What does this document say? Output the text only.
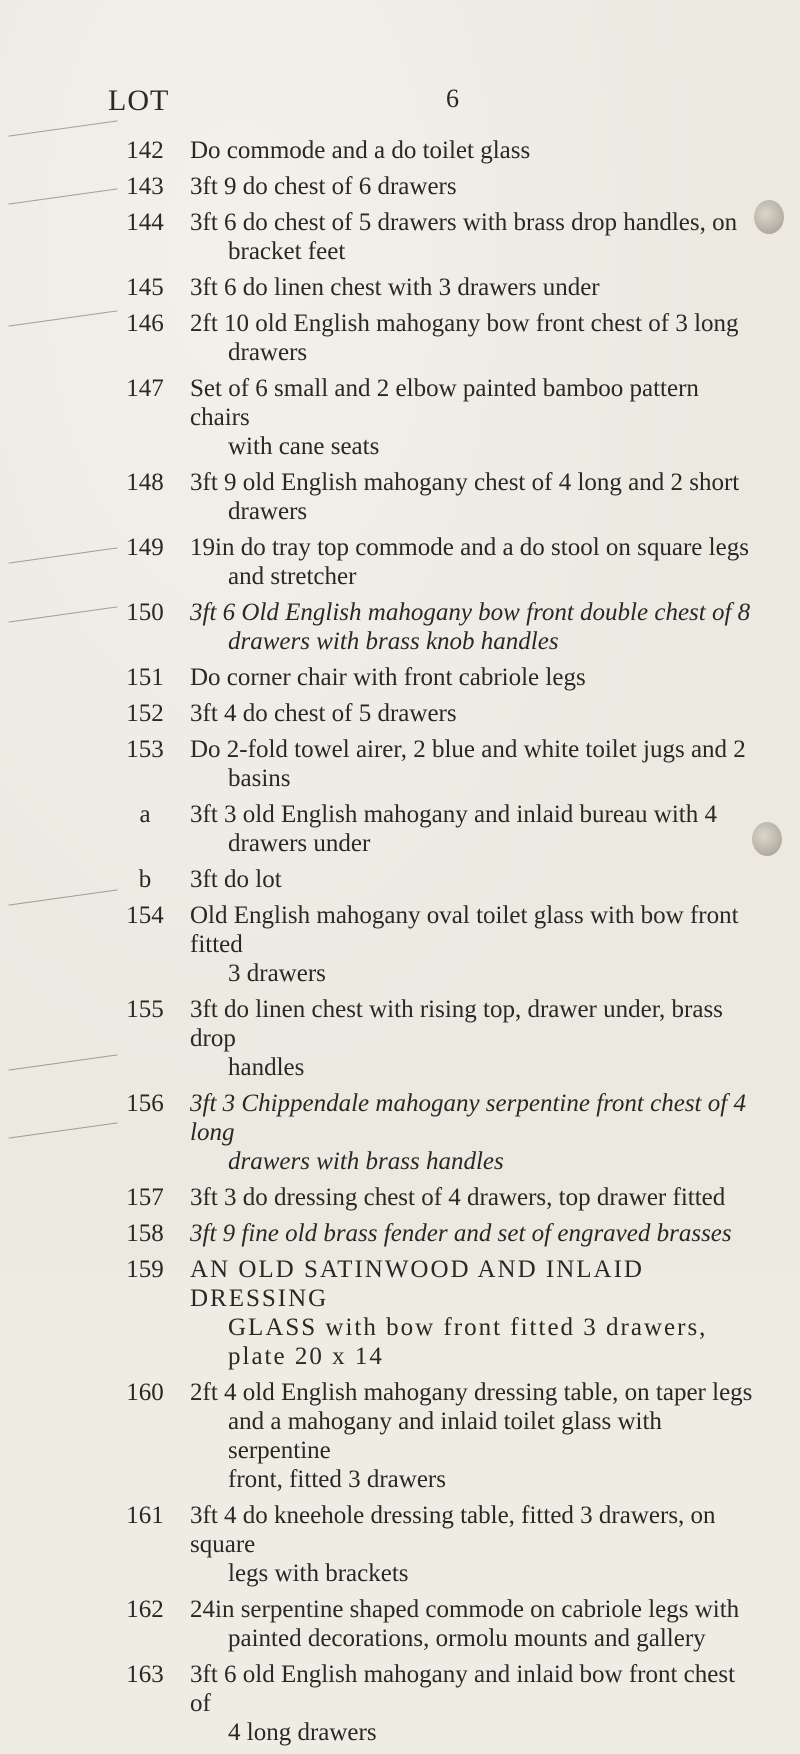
LOT	6
142	Do commode and a do toilet glass
143	3ft 9 do chest of 6 drawers
144	3ft 6 do chest of 5 drawers with brass drop handles, on
bracket feet
145	3ft 6 do linen chest with 3 drawers under
146	2ft 10 old English mahogany bow front chest of 3 long
drawers
147	Set of 6 small and 2 elbow painted bamboo pattern chairs
with cane seats
148	3ft 9 old English mahogany chest of 4 long and 2 short
drawers
149	19in do tray top commode and a do stool on square legs
and stretcher
150	3ft 6 Old English mahogany bow front double chest of 8
drawers with brass knob handles
151	Do corner chair with front cabriole legs
152	3ft 4 do chest of 5 drawers
153	Do 2-fold towel airer, 2 blue and white toilet jugs and 2
basins
a	3ft 3 old English mahogany and inlaid bureau with 4
drawers under
b	3ft do lot
154	Old English mahogany oval toilet glass with bow front fitted
3 drawers
155	3ft do linen chest with rising top, drawer under, brass drop
handles
156	3ft 3 Chippendale mahogany serpentine front chest of 4 long
drawers with brass handles
157	3ft 3 do dressing chest of 4 drawers, top drawer fitted
158	3ft 9 fine old brass fender and set of engraved brasses
159	AN OLD SATINWOOD AND INLAID DRESSING
GLASS with bow front fitted 3 drawers, plate 20 x 14
160	2ft 4 old English mahogany dressing table, on taper legs
and a mahogany and inlaid toilet glass with serpentine
front, fitted 3 drawers
161	3ft 4 do kneehole dressing table, fitted 3 drawers, on square
legs with brackets
162	24in serpentine shaped commode on cabriole legs with
painted decorations, ormolu mounts and gallery
163	3ft 6 old English mahogany and inlaid bow front chest of
4 long drawers
